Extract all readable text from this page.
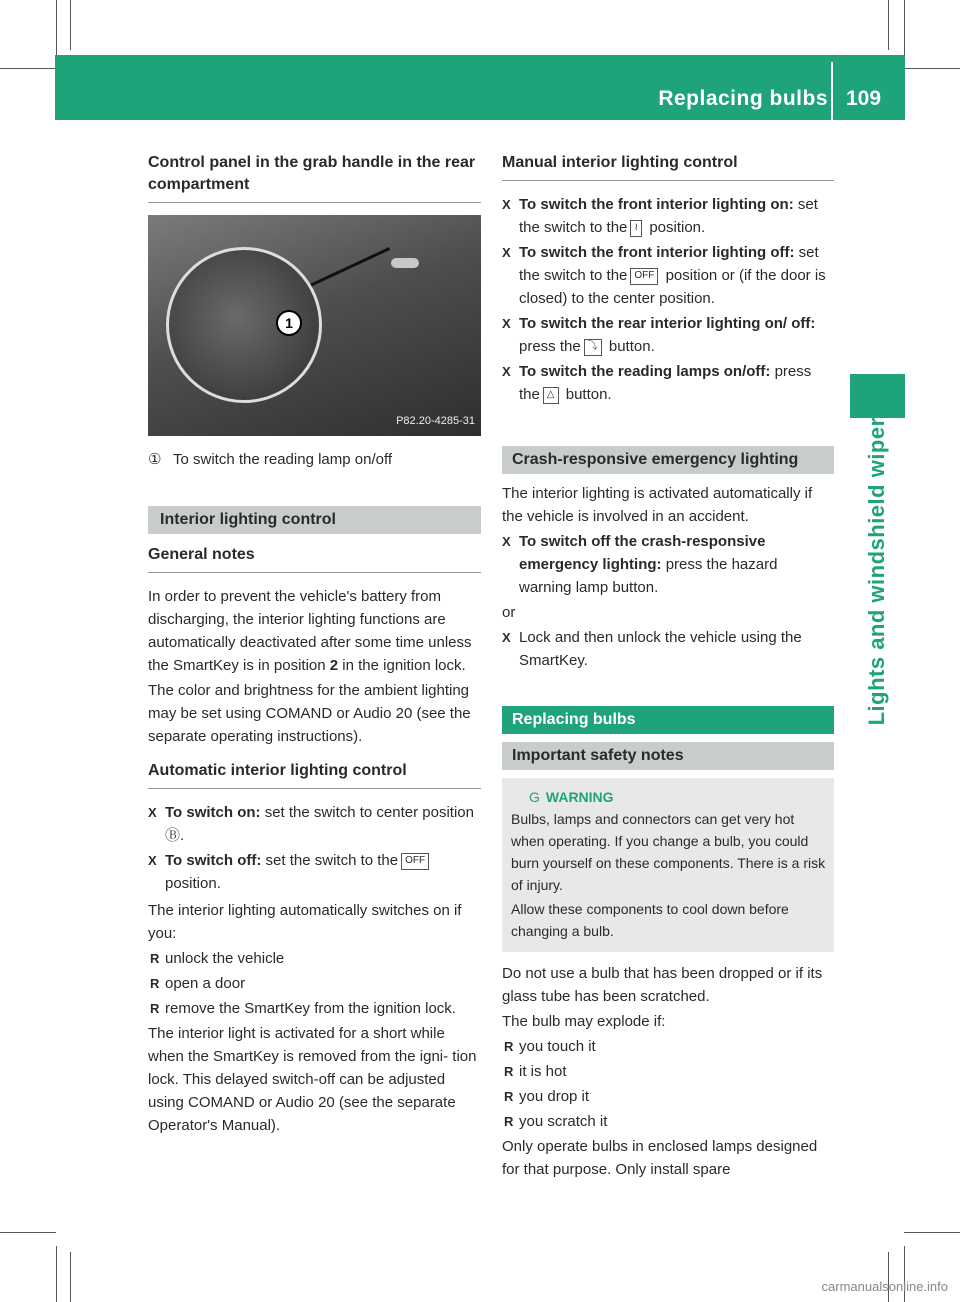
Replacing bulbs 109
Lights and windshield wipers
Control panel in the grab handle in the rear compartment
1
P82.20-4285-31
① To switch the reading lamp on/off
Interior lighting control
General notes

In order to prevent the vehicle's battery from discharging, the interior lighting functions are automatically deactivated after some time unless the SmartKey is in position 2 in the ignition lock.

The color and brightness for the ambient lighting may be set using COMAND or Audio 20 (see the separate operating instructions).

Automatic interior lighting control
X To switch on: set the switch to center position Ⓑ.
X To switch off: set the switch to the OFF position.

The interior lighting automatically switches on if you:

R unlock the vehicle
R open a door
R remove the SmartKey from the ignition lock.

The interior light is activated for a short while when the SmartKey is removed from the igni- tion lock. This delayed switch-off can be adjusted using COMAND or Audio 20 (see the separate Operator's Manual).

Manual interior lighting control
X To switch the front interior lighting on: set the switch to the ≀ position.
X To switch the front interior lighting off: set the switch to the OFF position or (if the door is closed) to the center position.
X To switch the rear interior lighting on/ off: press the ⤵ button.
X To switch the reading lamps on/off: press the △ button.
Crash-responsive emergency lighting

The interior lighting is activated automatically if the vehicle is involved in an accident.

X To switch off the crash-responsive emergency lighting: press the hazard warning lamp button.

or

X Lock and then unlock the vehicle using the SmartKey.
Replacing bulbs
Important safety notes
G WARNING

Bulbs, lamps and connectors can get very hot when operating. If you change a bulb, you could burn yourself on these components. There is a risk of injury.

Allow these components to cool down before changing a bulb.

Do not use a bulb that has been dropped or if its glass tube has been scratched.

The bulb may explode if:

R you touch it
R it is hot
R you drop it
R you scratch it

Only operate bulbs in enclosed lamps designed for that purpose. Only install spare

carmanualsonline.info
